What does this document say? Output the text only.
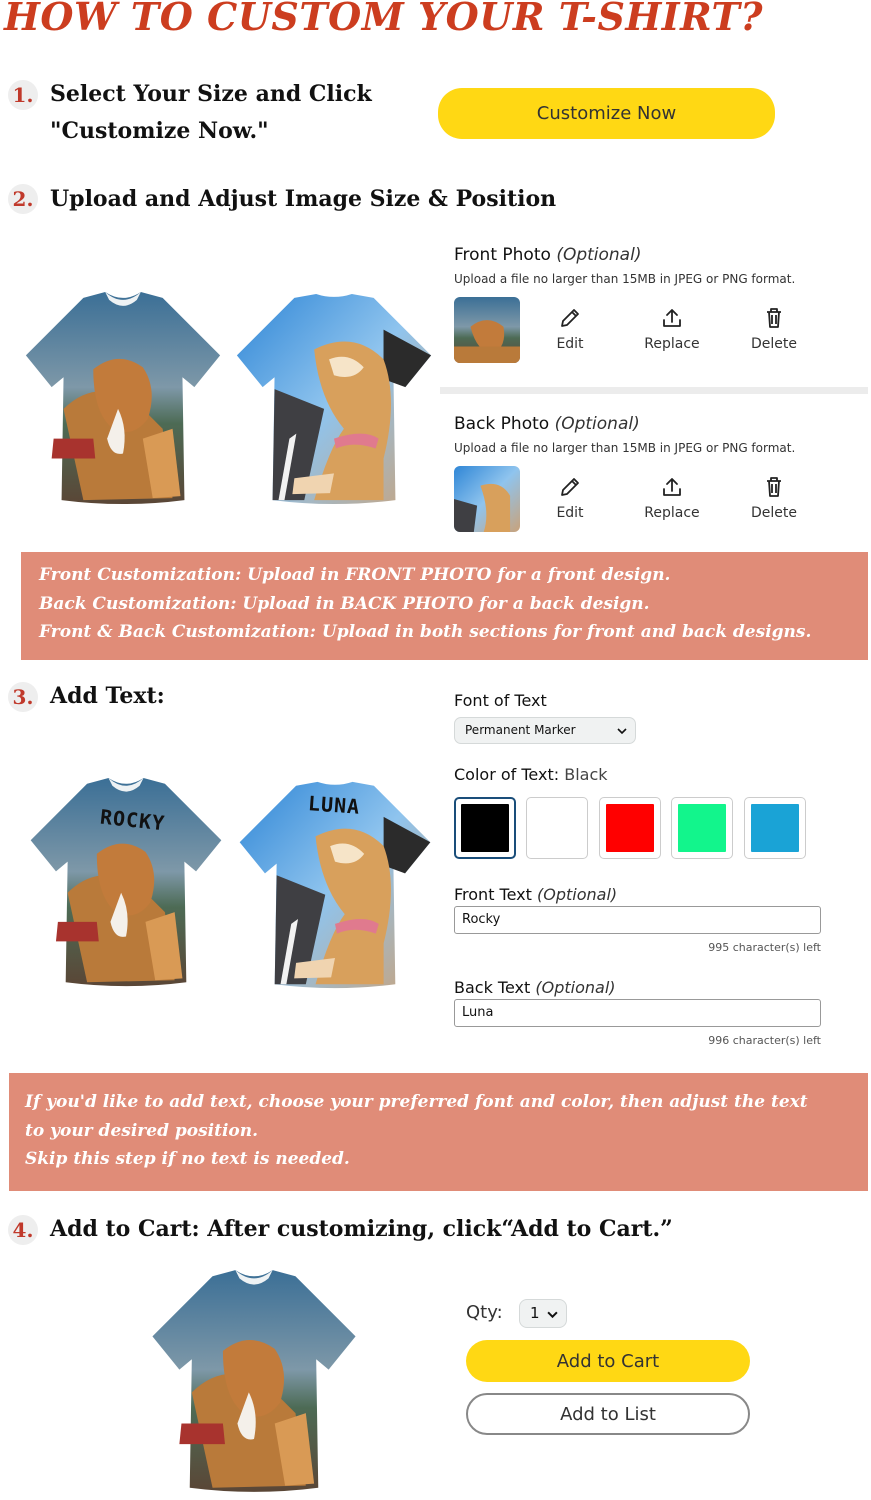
HOW TO CUSTOM YOUR T-SHIRT?
1. Select Your Size and Click
"Customize Now."
Customize Now
2. Upload and Adjust Image Size & Position
Front Photo (Optional)
Upload a file no larger than 15MB in JPEG or PNG format.
Edit	Replace	Delete
Back Photo (Optional)
Upload a file no larger than 15MB in JPEG or PNG format.
Edit	Replace	Delete
Front Customization: Upload in FRONT PHOTO for a front design.
Back Customization: Upload in BACK PHOTO for a back design.
Front & Back Customization: Upload in both sections for front and back designs.
3. Add Text:
ROCKY	LUNA
Font of Text
Permanent Marker
Color of Text: Black
Front Text (Optional)
Rocky
995 character(s) left
Back Text (Optional)
Luna
996 character(s) left
If you'd like to add text, choose your preferred font and color, then adjust the text
to your desired position.
Skip this step if no text is needed.
4. Add to Cart: After customizing, click“Add to Cart.”
Qty:	1
Add to Cart
Add to List
